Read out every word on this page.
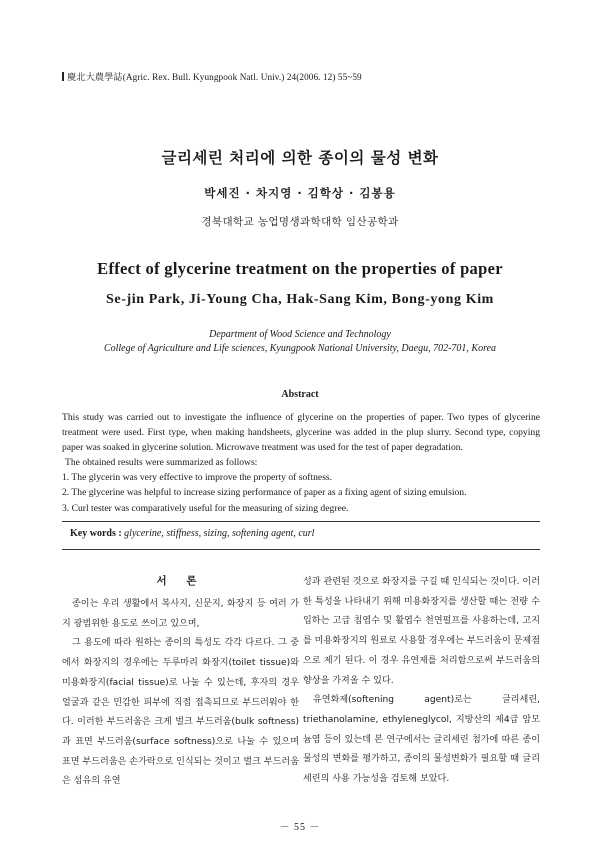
慶北大農學誌(Agric. Rex. Bull. Kyungpook Natl. Univ.) 24(2006. 12) 55~59
글리세린 처리에 의한 종이의 물성 변화
박세진 · 차지영 · 김학상 · 김봉용
경북대학교 농업명생과학대학 임산공학과
Effect of glycerine treatment on the properties of paper
Se-jin Park, Ji-Young Cha, Hak-Sang Kim, Bong-yong Kim
Department of Wood Science and Technology
College of Agriculture and Life sciences, Kyungpook National University, Daegu, 702-701, Korea
Abstract

This study was carried out to investigate the influence of glycerine on the properties of paper. Two types of glycerine treatment were used. First type, when making handsheets, glycerine was added in the plup slurry. Second type, copying paper was soaked in glycerine solution. Microwave treatment was used for the test of paper degradation.

The obtained results were summarized as follows:

1. The glycerin was very effective to improve the property of softness.

2. The glycerine was helpful to increase sizing performance of paper as a fixing agent of sizing emulsion.

3. Curl tester was comparatively useful for the measuring of sizing degree.

Key words : glycerine, stiffness, sizing, softening agent, curl
서 론

종이는 우리 생활에서 복사지, 신문지, 화장지 등 여러 가지 광범위한 용도로 쓰이고 있으며,

그 용도에 따라 원하는 종이의 특성도 각각 다르다. 그 중에서 화장지의 경우에는 두루마리 화장지(toilet tissue)와 미용화장지(facial tissue)로 나눌 수 있는데, 후자의 경우 얼굴과 같은 민감한 피부에 직접 접촉되므로 부드러워야 한다. 이러한 부드러움은 크게 벌크 부드러움(bulk softness)과 표면 부드러움(surface softness)으로 나눌 수 있으며 표면 부드러움은 손가락으로 인식되는 것이고 벌크 부드러움은 섬유의 유연

성과 관련된 것으로 화장지를 구길 때 인식되는 것이다. 이러한 특성을 나타내기 위해 미용화장지를 생산할 때는 전량 수입하는 고급 침엽수 및 활엽수 천연펄프를 사용하는데, 고지를 미용화장지의 원료로 사용할 경우에는 부드러움이 문제점으로 제기 된다. 이 경우 유연제를 처리함으로써 부드러움의 향상을 가져올 수 있다.

유연화제(softening agent)로는 글리세린, triethanolamine, ethyleneglycol, 지방산의 제4급 암모늄염 등이 있는데 본 연구에서는 글리세린 첨가에 따른 종이 물성의 변화를 평가하고, 종이의 물성변화가 필요할 때 글리세린의 사용 가능성을 검토해 보았다.

－ 55 －
